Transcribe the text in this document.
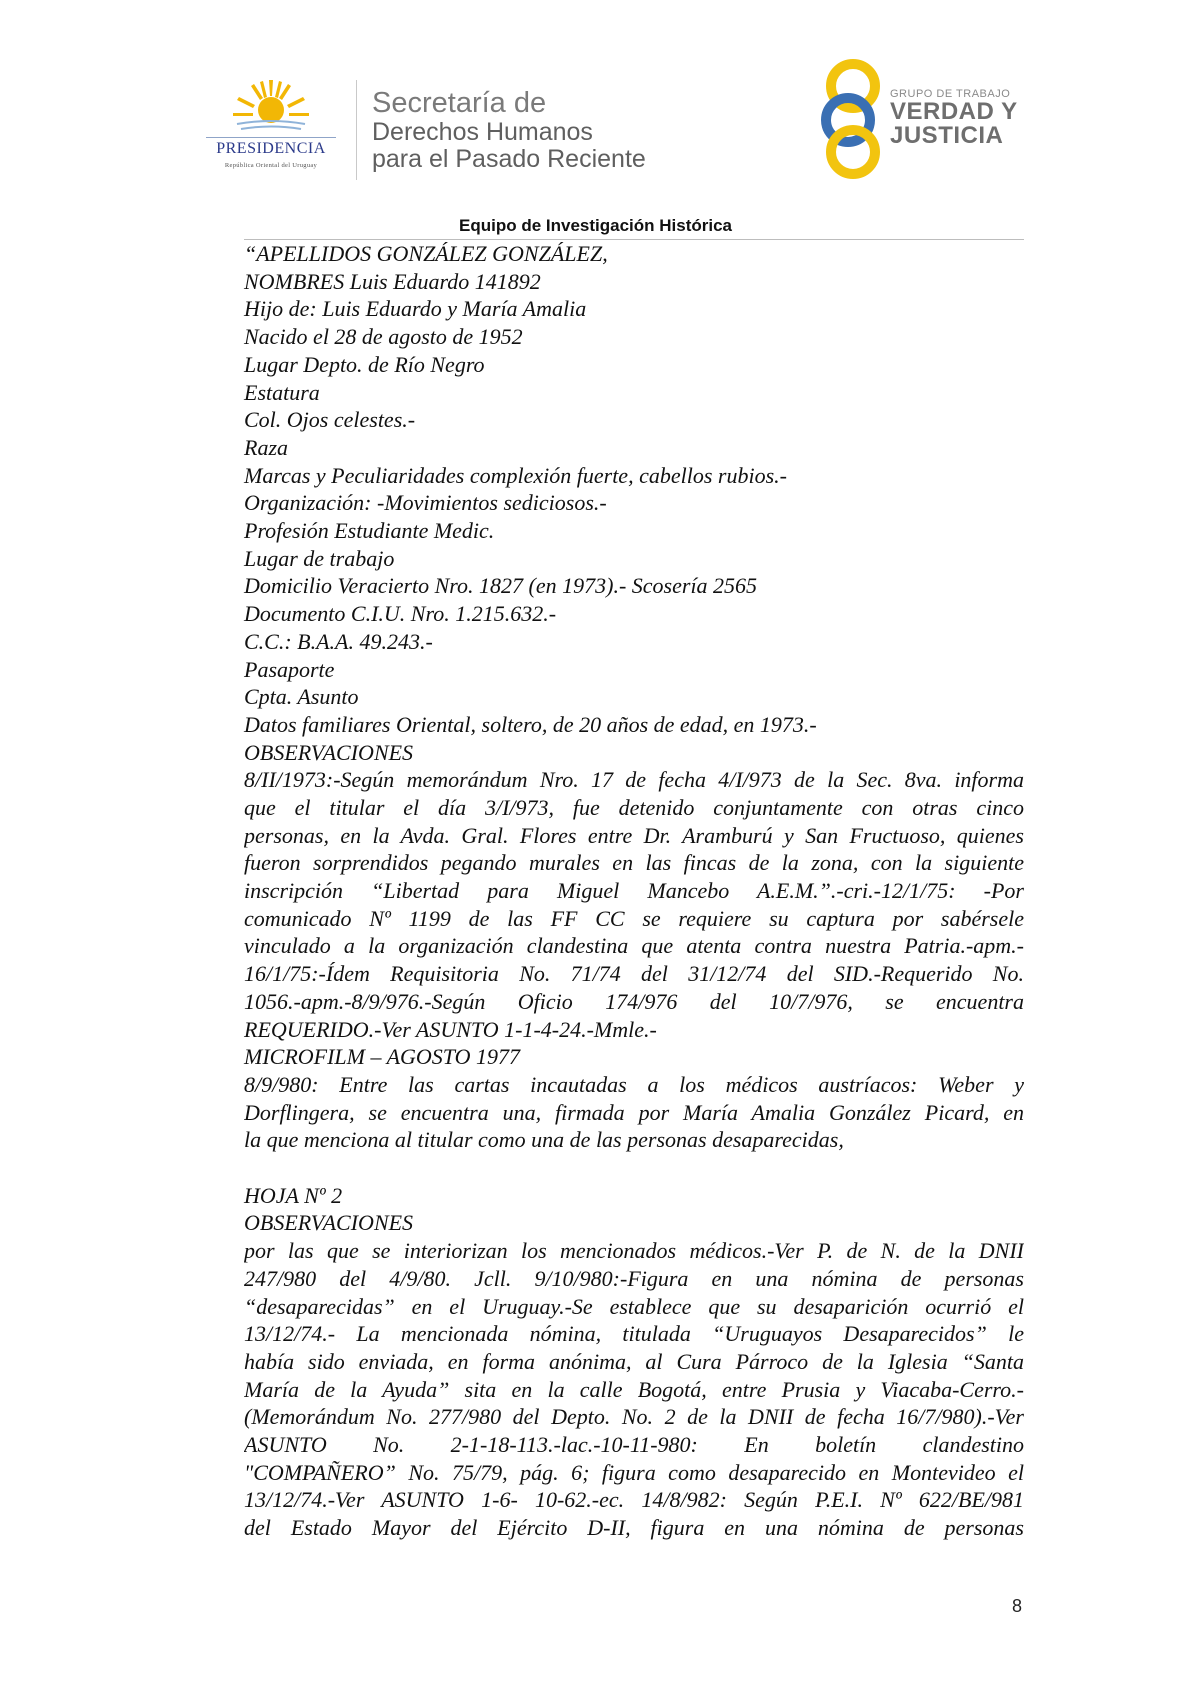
PRESIDENCIA
República Oriental del Uruguay
Secretaría de
Derechos Humanos
para el Pasado Reciente
GRUPO DE TRABAJO
VERDAD Y
JUSTICIA
Equipo de Investigación Histórica
“APELLIDOS GONZÁLEZ GONZÁLEZ,
NOMBRES Luis Eduardo 141892
Hijo de: Luis Eduardo y María Amalia
Nacido el 28 de agosto de 1952
Lugar Depto. de Río Negro
Estatura
Col. Ojos celestes.-
Raza
Marcas y Peculiaridades complexión fuerte, cabellos rubios.-
Organización: -Movimientos sediciosos.-
Profesión Estudiante Medic.
Lugar de trabajo
Domicilio Veracierto Nro. 1827 (en 1973).- Scosería 2565
Documento C.I.U. Nro. 1.215.632.-
C.C.: B.A.A. 49.243.-
Pasaporte
Cpta. Asunto
Datos familiares Oriental, soltero, de 20 años de edad, en 1973.-
OBSERVACIONES
8/II/1973:-Según memorándum Nro. 17 de fecha 4/I/973 de la Sec. 8va. informa
que el titular el día 3/I/973, fue detenido conjuntamente con otras cinco
personas, en la Avda. Gral. Flores entre Dr. Aramburú y San Fructuoso, quienes
fueron sorprendidos pegando murales en las fincas de la zona, con la siguiente
inscripción “Libertad para Miguel Mancebo A.E.M.”.-cri.-12/1/75: -Por
comunicado Nº 1199 de las FF CC se requiere su captura por sabérsele
vinculado a la organización clandestina que atenta contra nuestra Patria.-apm.-
16/1/75:-Ídem Requisitoria No. 71/74 del 31/12/74 del SID.-Requerido No.
1056.-apm.-8/9/976.-Según Oficio 174/976 del 10/7/976, se encuentra
REQUERIDO.-Ver ASUNTO 1-1-4-24.-Mmle.-
MICROFILM – AGOSTO 1977
8/9/980: Entre las cartas incautadas a los médicos austríacos: Weber y
Dorflingera, se encuentra una, firmada por María Amalia González Picard, en
la que menciona al titular como una de las personas desaparecidas,
HOJA Nº 2
OBSERVACIONES
por las que se interiorizan los mencionados médicos.-Ver P. de N. de la DNII
247/980 del 4/9/80. Jcll. 9/10/980:-Figura en una nómina de personas
“desaparecidas” en el Uruguay.-Se establece que su desaparición ocurrió el
13/12/74.- La mencionada nómina, titulada “Uruguayos Desaparecidos” le
había sido enviada, en forma anónima, al Cura Párroco de la Iglesia “Santa
María de la Ayuda” sita en la calle Bogotá, entre Prusia y Viacaba-Cerro.-
(Memorándum No. 277/980 del Depto. No. 2 de la DNII de fecha 16/7/980).-Ver
ASUNTO No. 2-1-18-113.-lac.-10-11-980: En boletín clandestino
"COMPAÑERO” No. 75/79, pág. 6; figura como desaparecido en Montevideo el
13/12/74.-Ver ASUNTO 1-6- 10-62.-ec. 14/8/982: Según P.E.I. Nº 622/BE/981
del Estado Mayor del Ejército D-II, figura en una nómina de personas
8
